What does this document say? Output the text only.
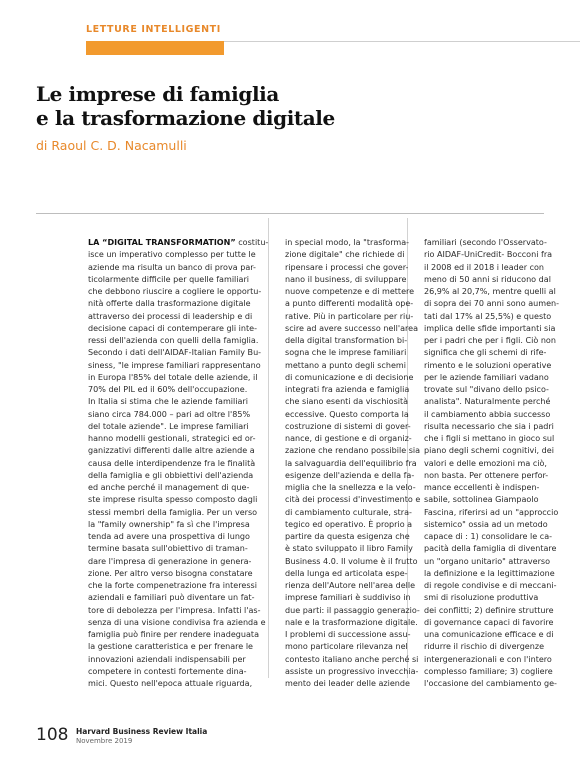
LETTURE INTELLIGENTI
Le imprese di famiglia
e la trasformazione digitale
di Raoul C. D. Nacamulli
LA “DIGITAL TRANSFORMATION” costitu-
isce un imperativo complesso per tutte le
aziende ma risulta un banco di prova par-
ticolarmente difficile per quelle familiari
che debbono riuscire a cogliere le opportu-
nità offerte dalla trasformazione digitale
attraverso dei processi di leadership e di
decisione capaci di contemperare gli inte-
ressi dell'azienda con quelli della famiglia.
Secondo i dati dell'AIDAF-Italian Family Bu-
siness, "le imprese familiari rappresentano
in Europa l'85% del totale delle aziende, il
70% del PIL ed il 60% dell'occupazione.
In Italia si stima che le aziende familiari
siano circa 784.000 – pari ad oltre l'85%
del totale aziende". Le imprese familiari
hanno modelli gestionali, strategici ed or-
ganizzativi differenti dalle altre aziende a
causa delle interdipendenze fra le finalità
della famiglia e gli obbiettivi dell'azienda
ed anche perché il management di que-
ste imprese risulta spesso composto dagli
stessi membri della famiglia. Per un verso
la "family ownership" fa sì che l'impresa
tenda ad avere una prospettiva di lungo
termine basata sull'obiettivo di traman-
dare l'impresa di generazione in genera-
zione. Per altro verso bisogna constatare
che la forte compenetrazione fra interessi
aziendali e familiari può diventare un fat-
tore di debolezza per l'impresa. Infatti l'as-
senza di una visione condivisa fra azienda e
famiglia può finire per rendere inadeguata
la gestione caratteristica e per frenare le
innovazioni aziendali indispensabili per
competere in contesti fortemente dina-
mici. Questo nell'epoca attuale riguarda,
in special modo, la "trasforma-
zione digitale" che richiede di
ripensare i processi che gover-
nano il business, di sviluppare
nuove competenze e di mettere
a punto differenti modalità ope-
rative. Più in particolare per riu-
scire ad avere successo nell'area
della digital transformation bi-
sogna che le imprese familiari
mettano a punto degli schemi
di comunicazione e di decisione
integrati fra azienda e famiglia
che siano esenti da vischiosità
eccessive. Questo comporta la
costruzione di sistemi di gover-
nance, di gestione e di organiz-
zazione che rendano possibile sia
la salvaguardia dell'equilibrio fra
esigenze dell'azienda e della fa-
miglia che la snellezza e la velo-
cità dei processi d'investimento e
di cambiamento culturale, stra-
tegico ed operativo. È proprio a
partire da questa esigenza che
è stato sviluppato il libro Family
Business 4.0. Il volume è il frutto
della lunga ed articolata espe-
rienza dell'Autore nell'area delle
imprese familiari è suddiviso in
due parti: il passaggio generazio-
nale e la trasformazione digitale.
I problemi di successione assu-
mono particolare rilevanza nel
contesto italiano anche perché si
assiste un progressivo invecchia-
mento dei leader delle aziende
familiari (secondo l'Osservato-
rio AIDAF-UniCredit- Bocconi fra
il 2008 ed il 2018 i leader con
meno di 50 anni si riducono dal
26,9% al 20,7%, mentre quelli al
di sopra dei 70 anni sono aumen-
tati dal 17% al 25,5%) e questo
implica delle sfide importanti sia
per i padri che per i figli. Ciò non
significa che gli schemi di rife-
rimento e le soluzioni operative
per le aziende familiari vadano
trovate sul "divano dello psico-
analista". Naturalmente perché
il cambiamento abbia successo
risulta necessario che sia i padri
che i figli si mettano in gioco sul
piano degli schemi cognitivi, dei
valori e delle emozioni ma ciò,
non basta. Per ottenere perfor-
mance eccellenti è indispen-
sabile, sottolinea Giampaolo
Fascina, riferirsi ad un "approccio
sistemico" ossia ad un metodo
capace di : 1) consolidare le ca-
pacità della famiglia di diventare
un "organo unitario" attraverso
la definizione e la legittimazione
di regole condivise e di meccani-
smi di risoluzione produttiva
dei conflitti; 2) definire strutture
di governance capaci di favorire
una comunicazione efficace e di
ridurre il rischio di divergenze
intergenerazionali e con l'intero
complesso familiare; 3) cogliere
l'occasione del cambiamento ge-
108 Harvard Business Review Italia
Novembre 2019
